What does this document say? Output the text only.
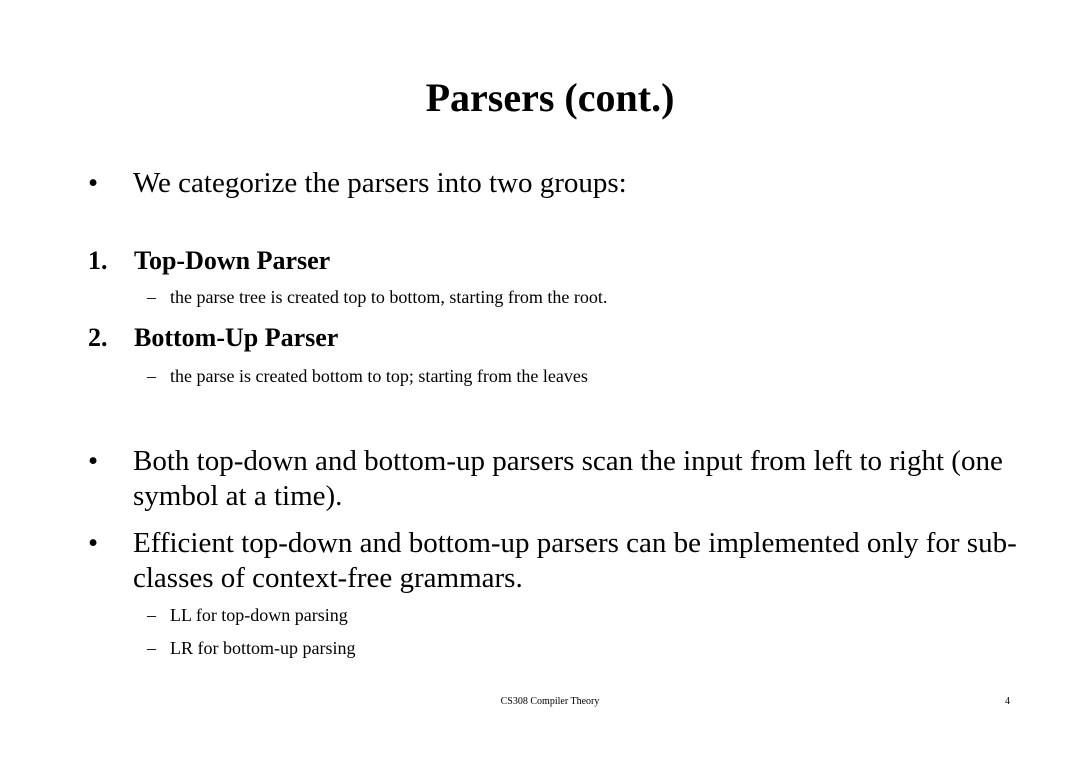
Parsers (cont.)
• We categorize the parsers into two groups:
1. Top-Down Parser
– the parse tree is created top to bottom, starting from the root.
2. Bottom-Up Parser
– the parse is created bottom to top; starting from the leaves
• Both top-down and bottom-up parsers scan the input from left to right (one symbol at a time).
• Efficient top-down and bottom-up parsers can be implemented only for sub-classes of context-free grammars.
– LL for top-down parsing
– LR for bottom-up parsing
CS308 Compiler Theory	4
